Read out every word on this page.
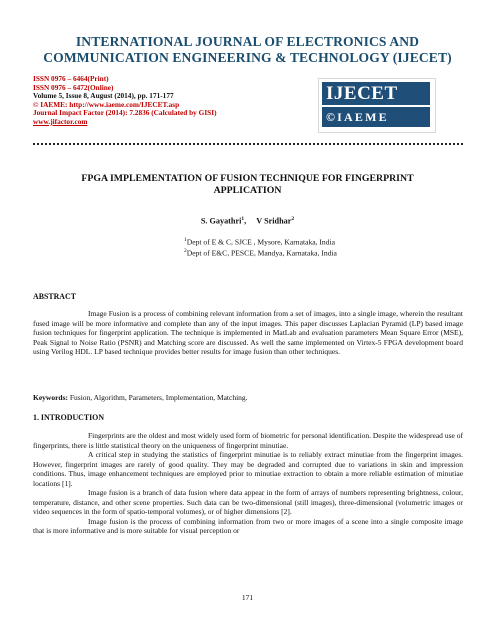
INTERNATIONAL JOURNAL OF ELECTRONICS AND
COMMUNICATION ENGINEERING & TECHNOLOGY (IJECET)
ISSN 0976 – 6464(Print)
ISSN 0976 – 6472(Online)
Volume 5, Issue 8, August (2014), pp. 171-177
© IAEME: http://www.iaeme.com/IJECET.asp
Journal Impact Factor (2014): 7.2836 (Calculated by GISI)
www.jifactor.com
IJECET
©IAEME
FPGA IMPLEMENTATION OF FUSION TECHNIQUE FOR FINGERPRINT
APPLICATION
S. Gayathri$^1$,     V Sridhar$^2$
$^1$Dept of E & C, SJCE , Mysore, Karnataka, India
$^2$Dept of E&C, PESCE, Mandya, Karnataka, India
ABSTRACT

Image Fusion is a process of combining relevant information from a set of images, into a single image, wherein the resultant fused image will be more informative and complete than any of the input images. This paper discusses Laplacian Pyramid (LP) based image fusion techniques for fingerprint application. The technique is implemented in MatLab and evaluation parameters Mean Square Error (MSE), Peak Signal to Noise Ratio (PSNR) and Matching score are discussed. As well the same implemented on Virtex-5 FPGA development board using Verilog HDL. LP based technique provides better results for image fusion than other techniques.

Keywords: Fusion, Algorithm, Parameters, Implementation, Matching.
1. INTRODUCTION

Fingerprints are the oldest and most widely used form of biometric for personal identification. Despite the widespread use of fingerprints, there is little statistical theory on the uniqueness of fingerprint minutiae.

A critical step in studying the statistics of fingerprint minutiae is to reliably extract minutiae from the fingerprint images. However, fingerprint images are rarely of good quality. They may be degraded and corrupted due to variations in skin and impression conditions. Thus, image enhancement techniques are employed prior to minutiae extraction to obtain a more reliable estimation of minutiae locations [1].

Image fusion is a branch of data fusion where data appear in the form of arrays of numbers representing brightness, colour, temperature, distance, and other scene properties. Such data can be two-dimensional (still images), three-dimensional (volumetric images or video sequences in the form of spatio-temporal volumes), or of higher dimensions [2].

Image fusion is the process of combining information from two or more images of a scene into a single composite image that is more informative and is more suitable for visual perception or

171
